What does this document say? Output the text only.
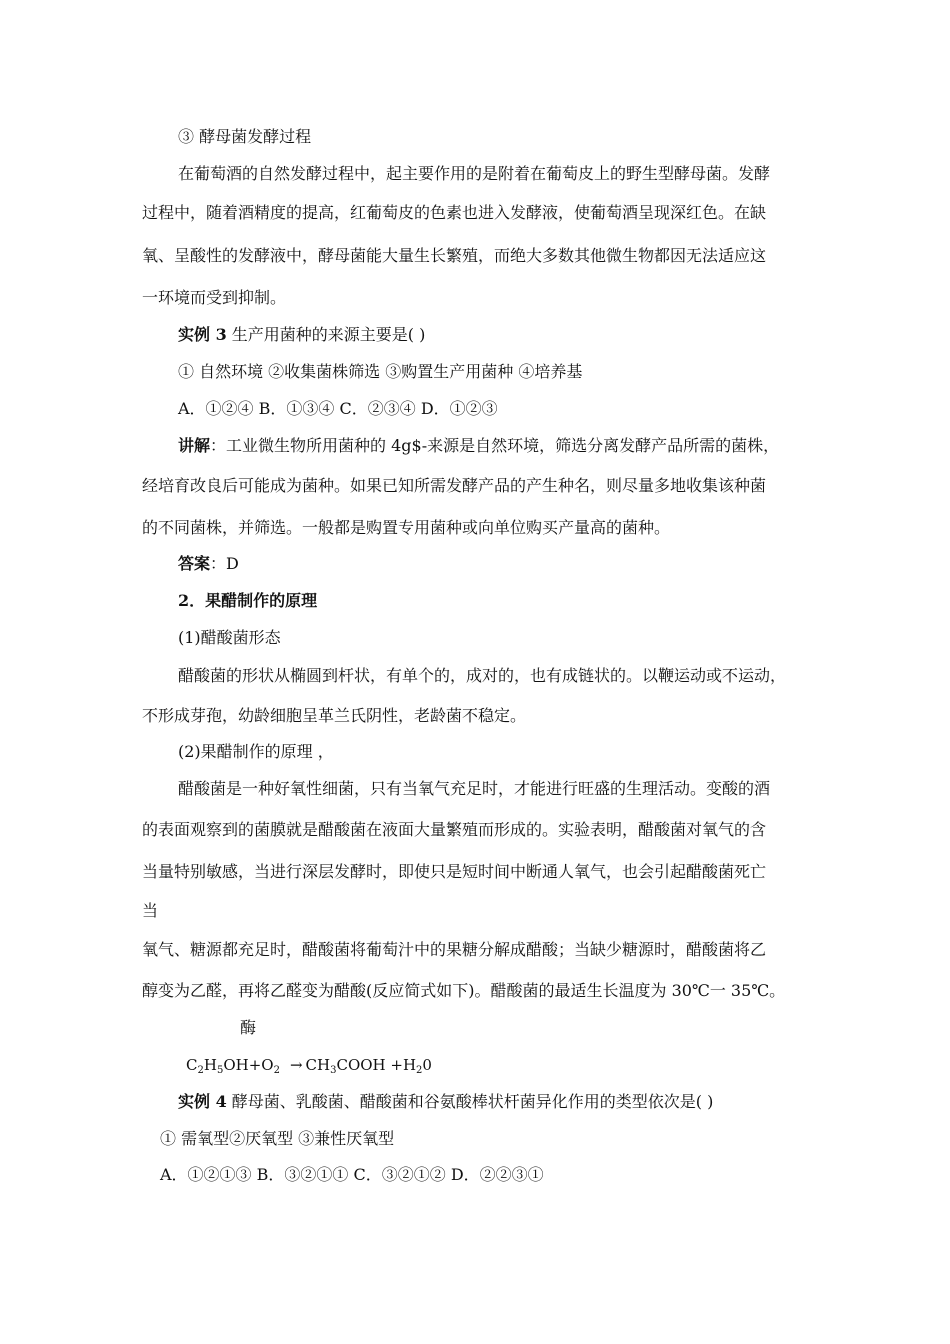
③ 酵母菌发酵过程
在葡萄酒的自然发酵过程中，起主要作用的是附着在葡萄皮上的野生型酵母菌。发酵
过程中，随着酒精度的提高，红葡萄皮的色素也进入发酵液，使葡萄酒呈现深红色。在缺
氧、呈酸性的发酵液中，酵母菌能大量生长繁殖，而绝大多数其他微生物都因无法适应这
一环境而受到抑制。
实例 3 生产用菌种的来源主要是( )
① 自然环境 ②收集菌株筛选 ③购置生产用菌种 ④培养基
A．①②④ B．①③④ C．②③④ D．①②③
讲解：工业微生物所用菌种的 4g$-来源是自然环境，筛选分离发酵产品所需的菌株，
经培育改良后可能成为菌种。如果已知所需发酵产品的产生种名，则尽量多地收集该种菌
的不同菌株，并筛选。一般都是购置专用菌种或向单位购买产量高的菌种。
答案：D
2．果醋制作的原理
(1)醋酸菌形态
醋酸菌的形状从椭圆到杆状，有单个的，成对的，也有成链状的。以鞭运动或不运动，
不形成芽孢，幼龄细胞呈革兰氏阴性，老龄菌不稳定。
(2)果醋制作的原理 ，
醋酸菌是一种好氧性细菌，只有当氧气充足时，才能进行旺盛的生理活动。变酸的酒
的表面观察到的菌膜就是醋酸菌在液面大量繁殖而形成的。实验表明，醋酸菌对氧气的含
当量特别敏感，当进行深层发酵时，即使只是短时间中断通人氧气，也会引起醋酸菌死亡
当
氧气、糖源都充足时，醋酸菌将葡萄汁中的果糖分解成醋酸；当缺少糖源时，醋酸菌将乙
醇变为乙醛，再将乙醛变为醋酸(反应简式如下)。醋酸菌的最适生长温度为 30℃一 35℃。
酶
$C_2H_5OH+O_2$ → $CH_3COOH +H_20$
实例 4 酵母菌、乳酸菌、醋酸菌和谷氨酸棒状杆菌异化作用的类型依次是( )
① 需氧型②厌氧型 ③兼性厌氧型
A．①②①③ B．③②①① C．③②①② D．②②③①
